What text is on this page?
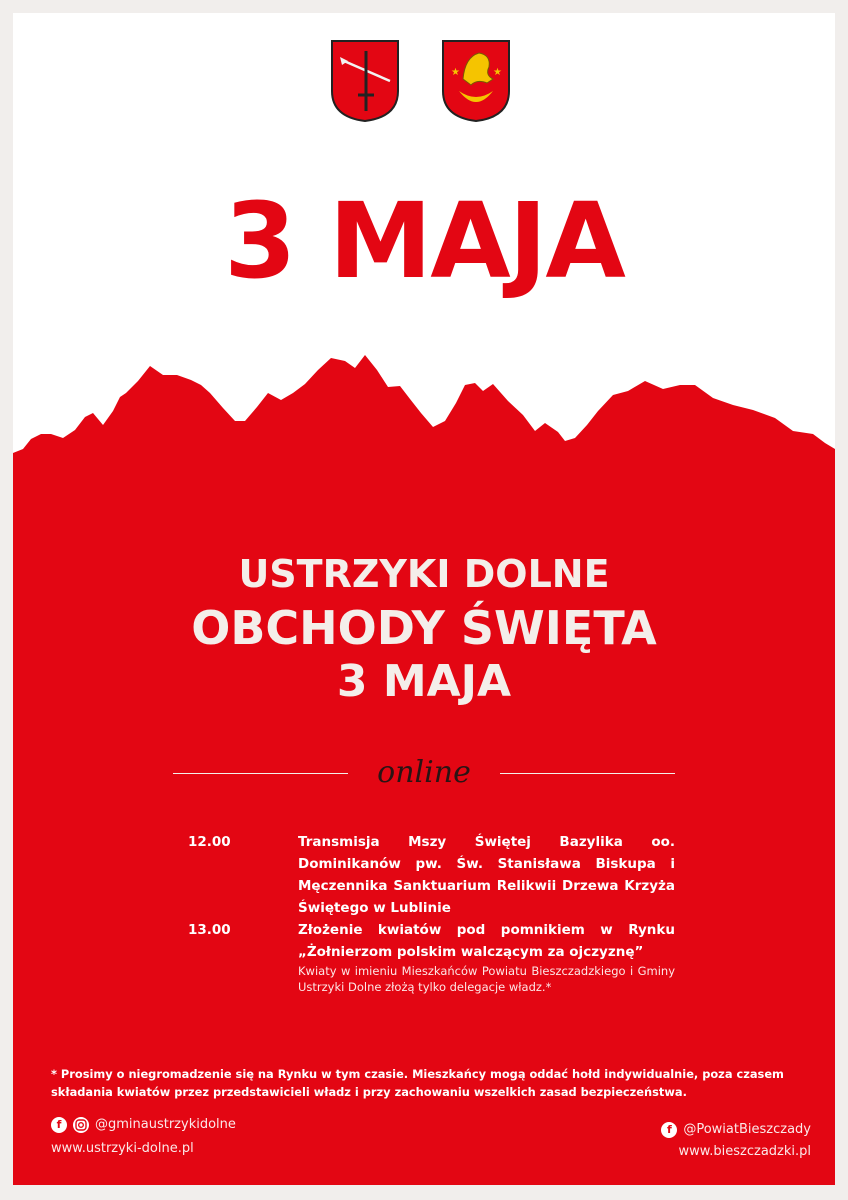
★	★
3 MAJA
USTRZYKI DOLNE
OBCHODY ŚWIĘTA
3 MAJA
online
12.00	Transmisja Mszy Świętej Bazylika oo. Dominikanów pw. Św. Stanisława Biskupa i Męczennika Sanktuarium Relikwii Drzewa Krzyża Świętego w Lublinie
13.00	Złożenie kwiatów pod pomnikiem w Rynku „Żołnierzom polskim walczącym za ojczyznę”
Kwiaty w imieniu Mieszkańców Powiatu Bieszczadzkiego i Gminy Ustrzyki Dolne złożą tylko delegacje władz.*
* Prosimy o niegromadzenie się na Rynku w tym czasie. Mieszkańcy mogą oddać hołd indywidualnie, poza czasem składania kwiatów przez przedstawicieli władz i przy zachowaniu wszelkich zasad bezpieczeństwa.
f	@gminaustrzykidolne
www.ustrzyki-dolne.pl
f @PowiatBieszczady
www.bieszczadzki.pl
